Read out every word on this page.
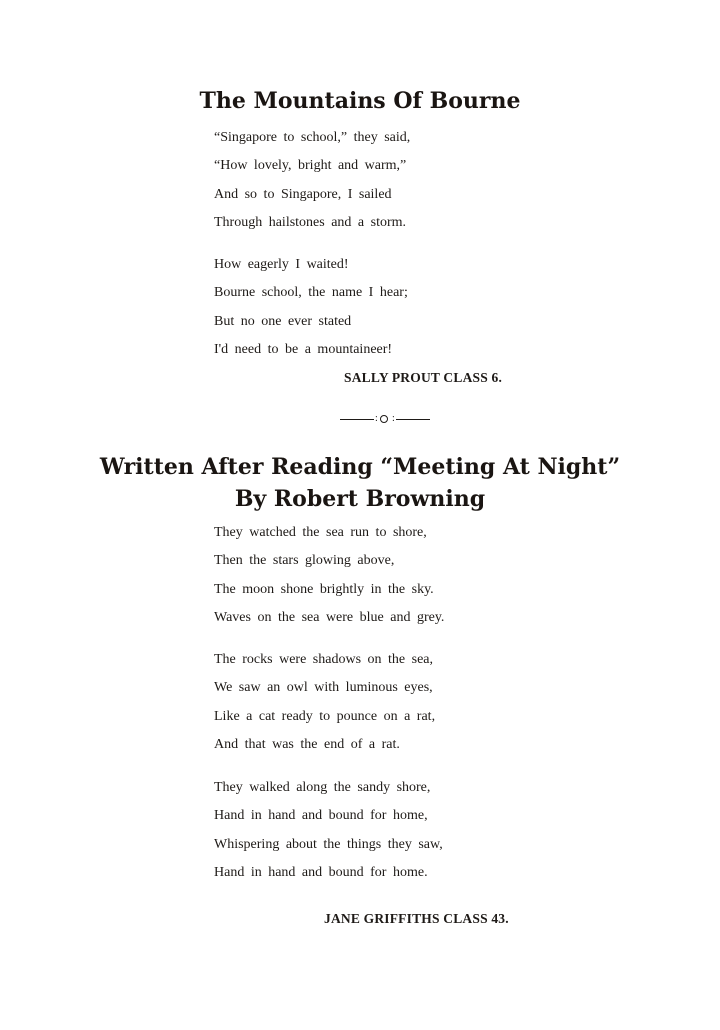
The Mountains Of Bourne
“Singapore to school,” they said,
“How lovely, bright and warm,”
And so to Singapore, I sailed
Through hailstones and a storm.
How eagerly I waited!
Bourne school, the name I hear;
But no one ever stated
I'd need to be a mountaineer!

SALLY PROUT CLASS 6.

: :
Written After Reading “Meeting At Night”
By Robert Browning
They watched the sea run to shore,
Then the stars glowing above,
The moon shone brightly in the sky.
Waves on the sea were blue and grey.
The rocks were shadows on the sea,
We saw an owl with luminous eyes,
Like a cat ready to pounce on a rat,
And that was the end of a rat.
They walked along the sandy shore,
Hand in hand and bound for home,
Whispering about the things they saw,
Hand in hand and bound for home.

JANE GRIFFITHS CLASS 43.
